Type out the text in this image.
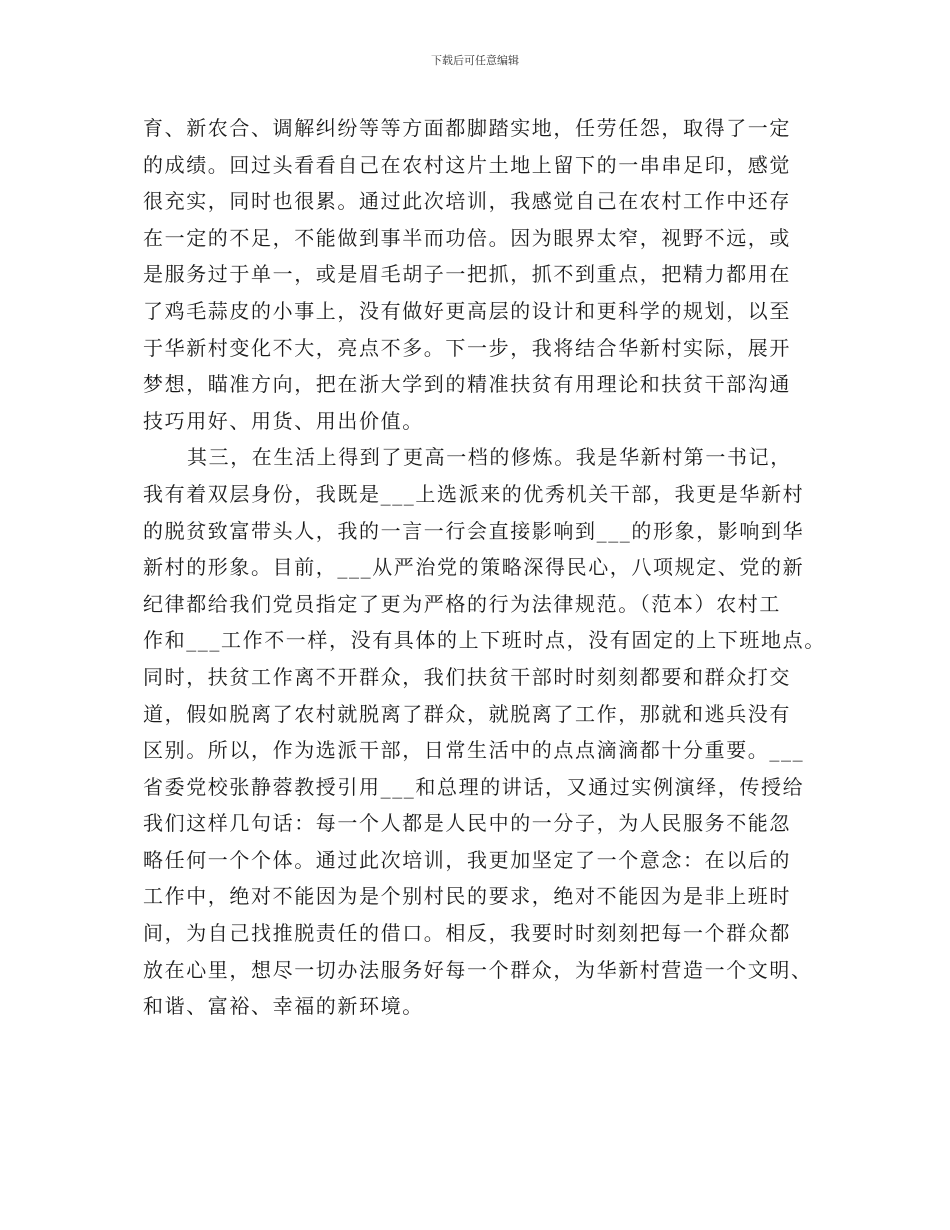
下载后可任意编辑
育、新农合、调解纠纷等等方面都脚踏实地，任劳任怨，取得了一定
的成绩。回过头看看自己在农村这片土地上留下的一串串足印，感觉
很充实，同时也很累。通过此次培训，我感觉自己在农村工作中还存
在一定的不足，不能做到事半而功倍。因为眼界太窄，视野不远，或
是服务过于单一，或是眉毛胡子一把抓，抓不到重点，把精力都用在
了鸡毛蒜皮的小事上，没有做好更高层的设计和更科学的规划，以至
于华新村变化不大，亮点不多。下一步，我将结合华新村实际，展开
梦想，瞄准方向，把在浙大学到的精准扶贫有用理论和扶贫干部沟通
技巧用好、用货、用出价值。
其三，在生活上得到了更高一档的修炼。我是华新村第一书记，
我有着双层身份，我既是___上选派来的优秀机关干部，我更是华新村
的脱贫致富带头人，我的一言一行会直接影响到___的形象，影响到华
新村的形象。目前，___从严治党的策略深得民心，八项规定、党的新
纪律都给我们党员指定了更为严格的行为法律规范。（范本）农村工
作和___工作不一样，没有具体的上下班时点，没有固定的上下班地点。
同时，扶贫工作离不开群众，我们扶贫干部时时刻刻都要和群众打交
道，假如脱离了农村就脱离了群众，就脱离了工作，那就和逃兵没有
区别。所以，作为选派干部，日常生活中的点点滴滴都十分重要。___
省委党校张静蓉教授引用___和总理的讲话，又通过实例演绎，传授给
我们这样几句话：每一个人都是人民中的一分子，为人民服务不能忽
略任何一个个体。通过此次培训，我更加坚定了一个意念：在以后的
工作中，绝对不能因为是个别村民的要求，绝对不能因为是非上班时
间，为自己找推脱责任的借口。相反，我要时时刻刻把每一个群众都
放在心里，想尽一切办法服务好每一个群众，为华新村营造一个文明、
和谐、富裕、幸福的新环境。
